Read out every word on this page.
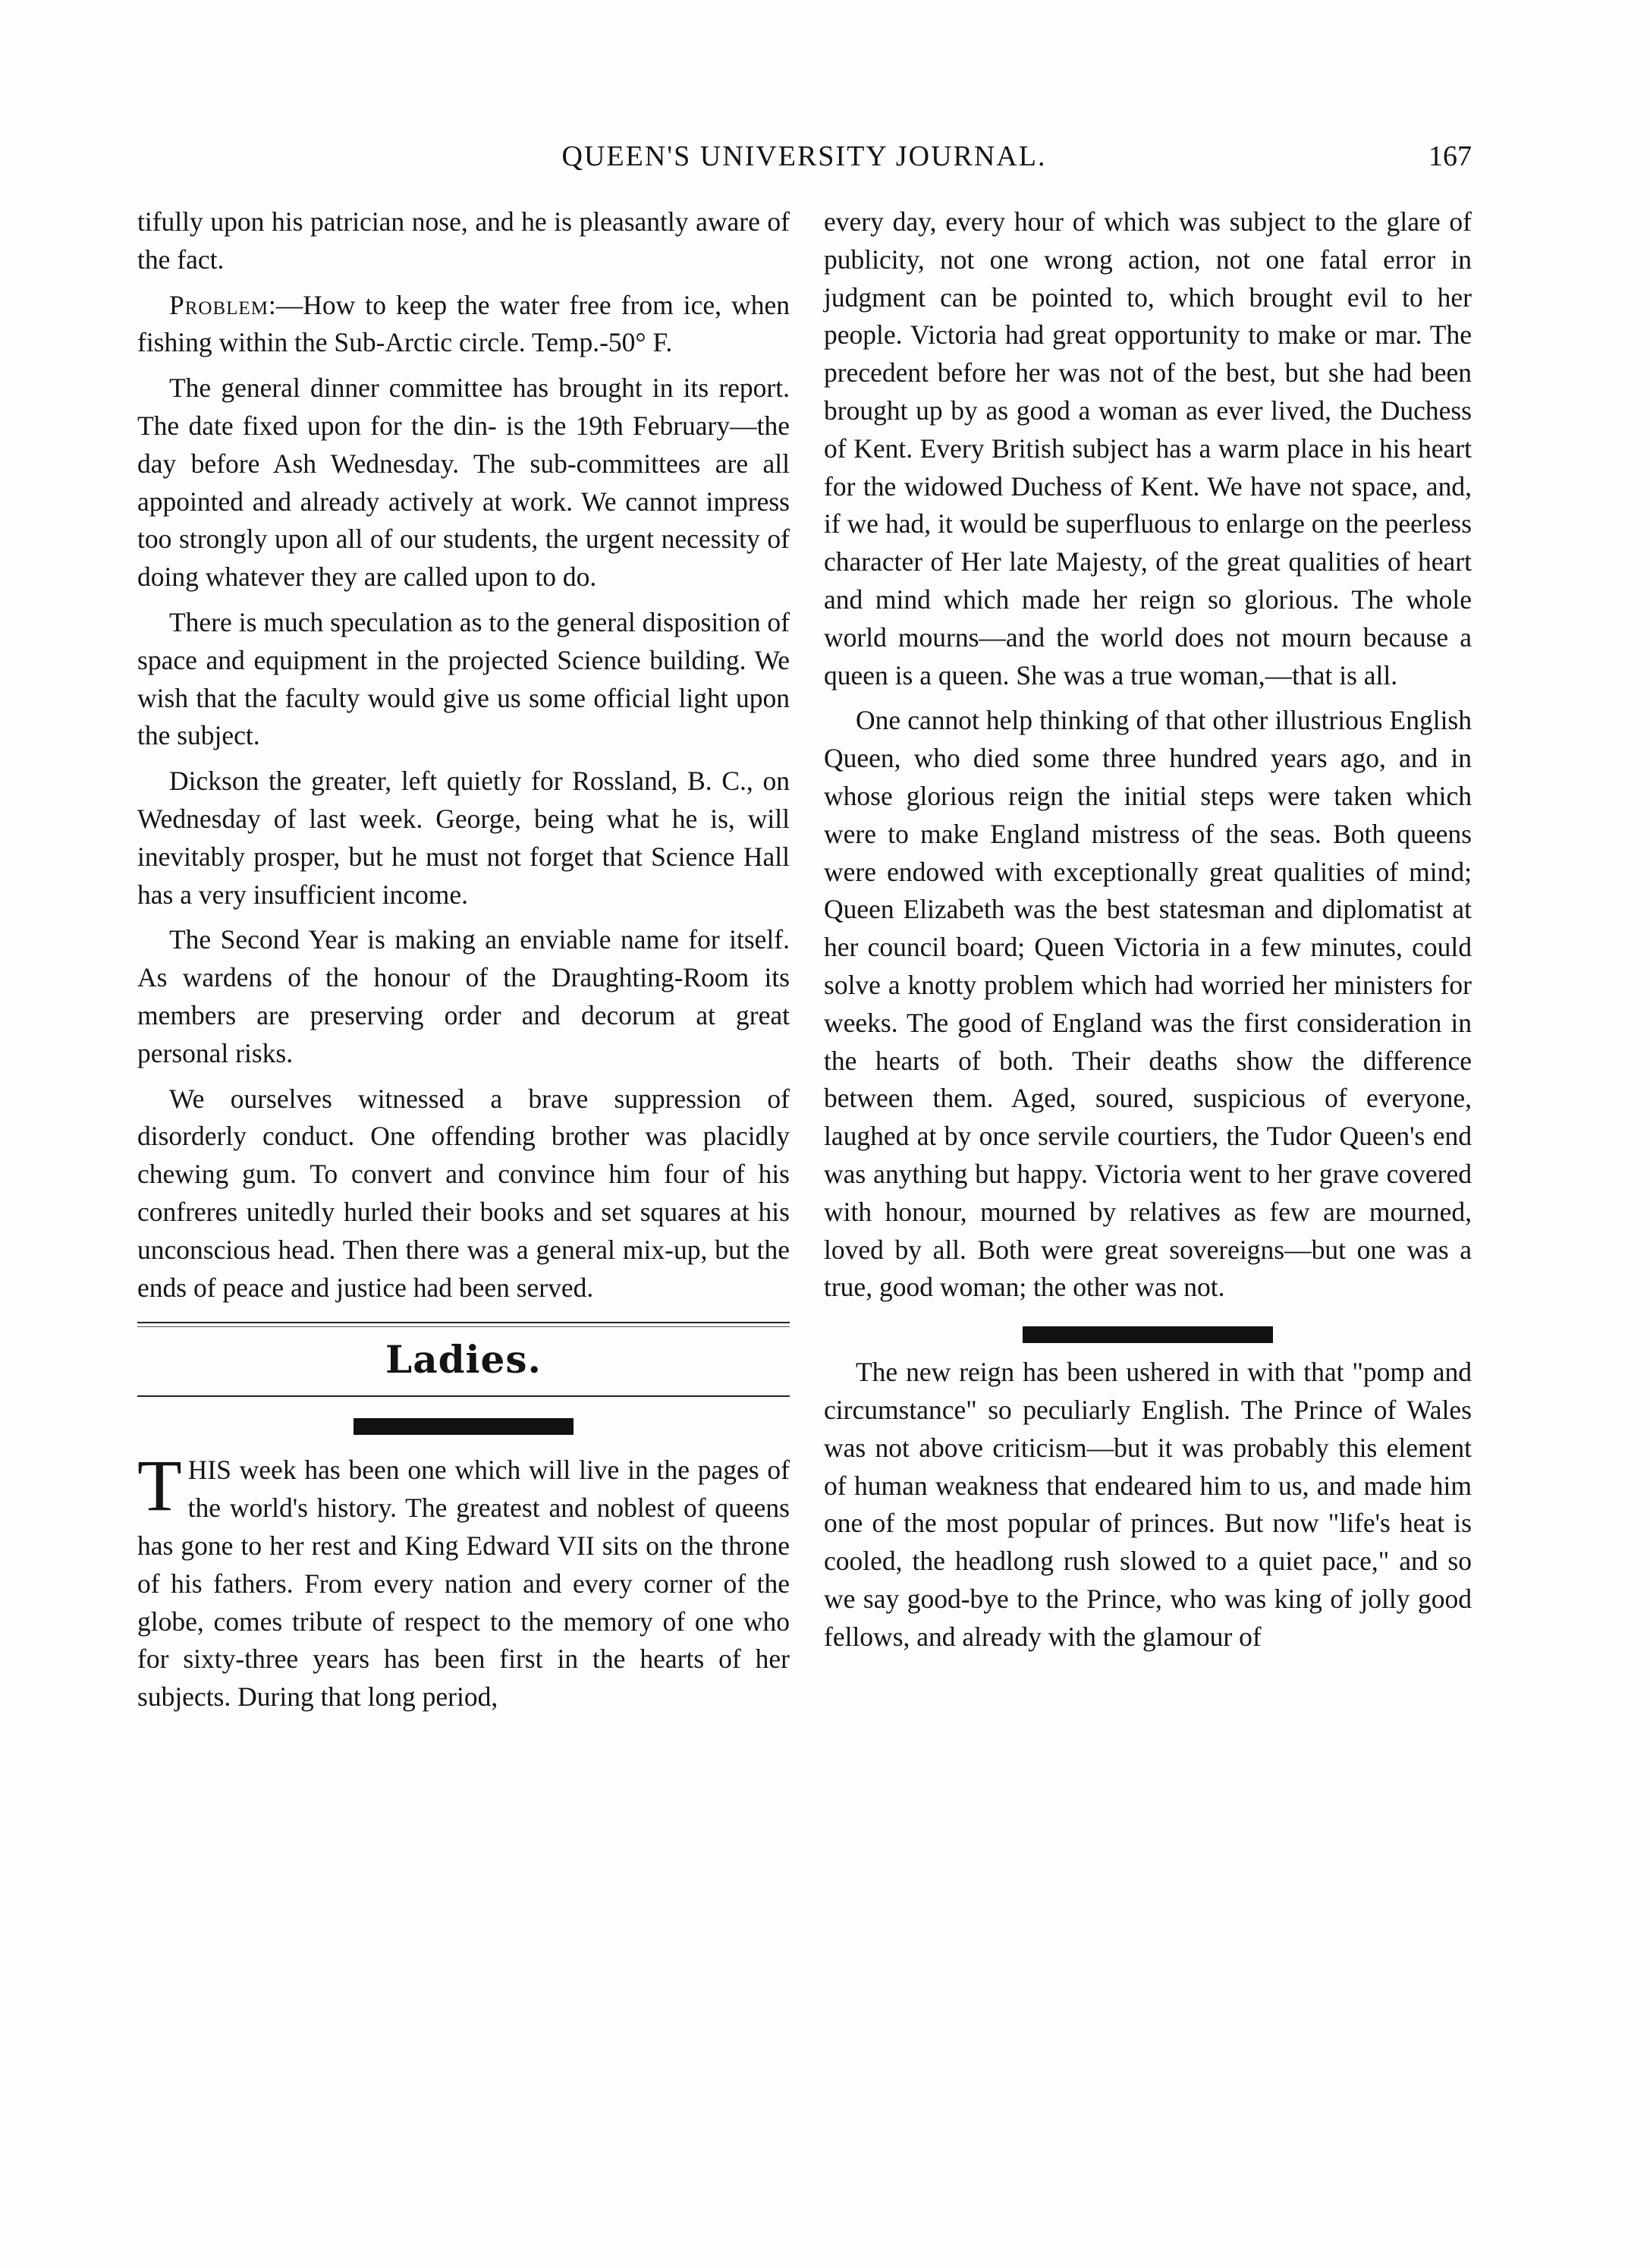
QUEEN'S UNIVERSITY JOURNAL.	167

tifully upon his patrician nose, and he is pleasantly aware of the fact.

Problem:—How to keep the water free from ice, when fishing within the Sub-Arctic circle. Temp.-50° F.

The general dinner committee has brought in its report. The date fixed upon for the din- is the 19th February—the day before Ash Wednesday. The sub-committees are all appointed and already actively at work. We cannot impress too strongly upon all of our students, the urgent necessity of doing whatever they are called upon to do.

There is much speculation as to the general disposition of space and equipment in the projected Science building. We wish that the faculty would give us some official light upon the subject.

Dickson the greater, left quietly for Rossland, B. C., on Wednesday of last week. George, being what he is, will inevitably prosper, but he must not forget that Science Hall has a very insufficient income.

The Second Year is making an enviable name for itself. As wardens of the honour of the Draughting-Room its members are preserving order and decorum at great personal risks.

We ourselves witnessed a brave suppression of disorderly conduct. One offending brother was placidly chewing gum. To convert and convince him four of his confreres unitedly hurled their books and set squares at his unconscious head. Then there was a general mix-up, but the ends of peace and justice had been served.

Ladies.

THIS week has been one which will live in the pages of the world's history. The greatest and noblest of queens has gone to her rest and King Edward VII sits on the throne of his fathers. From every nation and every corner of the globe, comes tribute of respect to the memory of one who for sixty-three years has been first in the hearts of her subjects. During that long period,

every day, every hour of which was subject to the glare of publicity, not one wrong action, not one fatal error in judgment can be pointed to, which brought evil to her people. Victoria had great opportunity to make or mar. The precedent before her was not of the best, but she had been brought up by as good a woman as ever lived, the Duchess of Kent. Every British subject has a warm place in his heart for the widowed Duchess of Kent. We have not space, and, if we had, it would be superfluous to enlarge on the peerless character of Her late Majesty, of the great qualities of heart and mind which made her reign so glorious. The whole world mourns—and the world does not mourn because a queen is a queen. She was a true woman,—that is all.

One cannot help thinking of that other illustrious English Queen, who died some three hundred years ago, and in whose glorious reign the initial steps were taken which were to make England mistress of the seas. Both queens were endowed with exceptionally great qualities of mind; Queen Elizabeth was the best statesman and diplomatist at her council board; Queen Victoria in a few minutes, could solve a knotty problem which had worried her ministers for weeks. The good of England was the first consideration in the hearts of both. Their deaths show the difference between them. Aged, soured, suspicious of everyone, laughed at by once servile courtiers, the Tudor Queen's end was anything but happy. Victoria went to her grave covered with honour, mourned by relatives as few are mourned, loved by all. Both were great sovereigns—but one was a true, good woman; the other was not.

The new reign has been ushered in with that "pomp and circumstance" so peculiarly English. The Prince of Wales was not above criticism—but it was probably this element of human weakness that endeared him to us, and made him one of the most popular of princes. But now "life's heat is cooled, the headlong rush slowed to a quiet pace," and so we say good-bye to the Prince, who was king of jolly good fellows, and already with the glamour of
